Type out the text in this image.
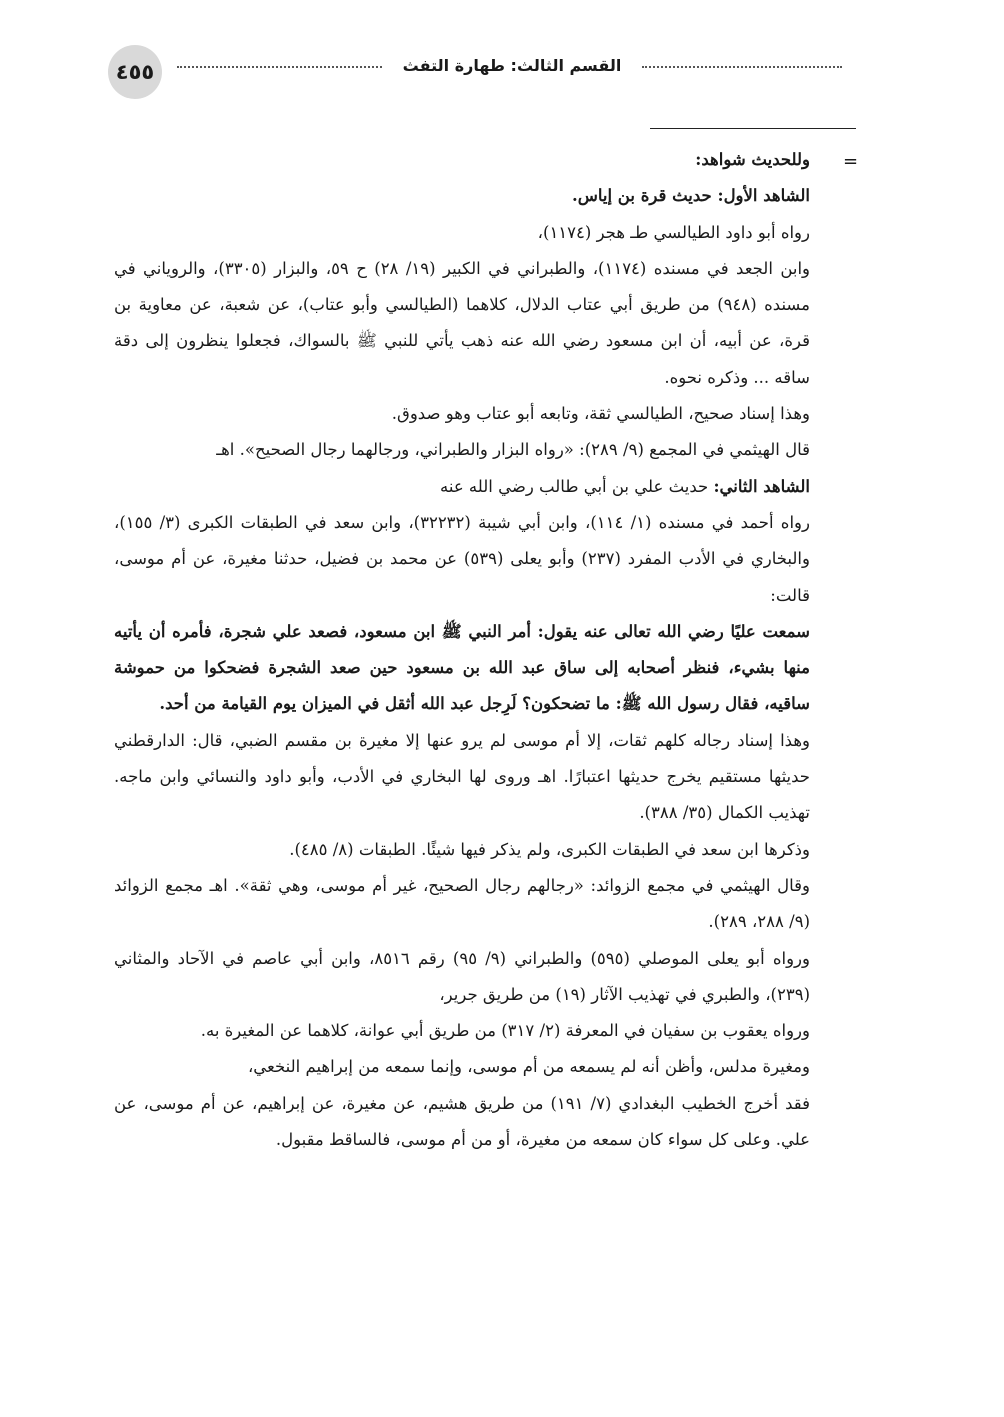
٤٥٥	القسم الثالث: طهارة التفث
=

وللحديث شواهد:

الشاهد الأول: حديث قرة بن إياس.

رواه أبو داود الطيالسي طـ هجر (١١٧٤)،

وابن الجعد في مسنده (١١٧٤)، والطبراني في الكبير (١٩/ ٢٨) ح ٥٩، والبزار (٣٣٠٥)، والروياني في مسنده (٩٤٨) من طريق أبي عتاب الدلال، كلاهما (الطيالسي وأبو عتاب)، عن شعبة، عن معاوية بن قرة، عن أبيه، أن ابن مسعود رضي الله عنه ذهب يأتي للنبي ﷺ بالسواك، فجعلوا ينظرون إلى دقة ساقه ... وذكره نحوه.

وهذا إسناد صحيح، الطيالسي ثقة، وتابعه أبو عتاب وهو صدوق.

قال الهيثمي في المجمع (٩/ ٢٨٩): «رواه البزار والطبراني، ورجالهما رجال الصحيح». اهـ

الشاهد الثاني: حديث علي بن أبي طالب رضي الله عنه

رواه أحمد في مسنده (١/ ١١٤)، وابن أبي شيبة (٣٢٢٣٢)، وابن سعد في الطبقات الكبرى (٣/ ١٥٥)، والبخاري في الأدب المفرد (٢٣٧) وأبو يعلى (٥٣٩) عن محمد بن فضيل، حدثنا مغيرة، عن أم موسى، قالت:

سمعت عليًا رضي الله تعالى عنه يقول: أمر النبي ﷺ ابن مسعود، فصعد علي شجرة، فأمره أن يأتيه منها بشيء، فنظر أصحابه إلى ساق عبد الله بن مسعود حين صعد الشجرة فضحكوا من حموشة ساقيه، فقال رسول الله ﷺ: ما تضحكون؟ لَرِجل عبد الله أثقل في الميزان يوم القيامة من أحد.

وهذا إسناد رجاله كلهم ثقات، إلا أم موسى لم يرو عنها إلا مغيرة بن مقسم الضبي، قال: الدارقطني حديثها مستقيم يخرج حديثها اعتبارًا. اهـ وروى لها البخاري في الأدب، وأبو داود والنسائي وابن ماجه. تهذيب الكمال (٣٥/ ٣٨٨).

وذكرها ابن سعد في الطبقات الكبرى، ولم يذكر فيها شيئًا. الطبقات (٨/ ٤٨٥).

وقال الهيثمي في مجمع الزوائد: «رجالهم رجال الصحيح، غير أم موسى، وهي ثقة». اهـ مجمع الزوائد (٩/ ٢٨٨، ٢٨٩).

ورواه أبو يعلى الموصلي (٥٩٥) والطبراني (٩/ ٩٥) رقم ٨٥١٦، وابن أبي عاصم في الآحاد والمثاني (٢٣٩)، والطبري في تهذيب الآثار (١٩) من طريق جرير،

ورواه يعقوب بن سفيان في المعرفة (٢/ ٣١٧) من طريق أبي عوانة، كلاهما عن المغيرة به.

ومغيرة مدلس، وأظن أنه لم يسمعه من أم موسى، وإنما سمعه من إبراهيم النخعي،

فقد أخرج الخطيب البغدادي (٧/ ١٩١) من طريق هشيم، عن مغيرة، عن إبراهيم، عن أم موسى، عن علي. وعلى كل سواء كان سمعه من مغيرة، أو من أم موسى، فالساقط مقبول.
